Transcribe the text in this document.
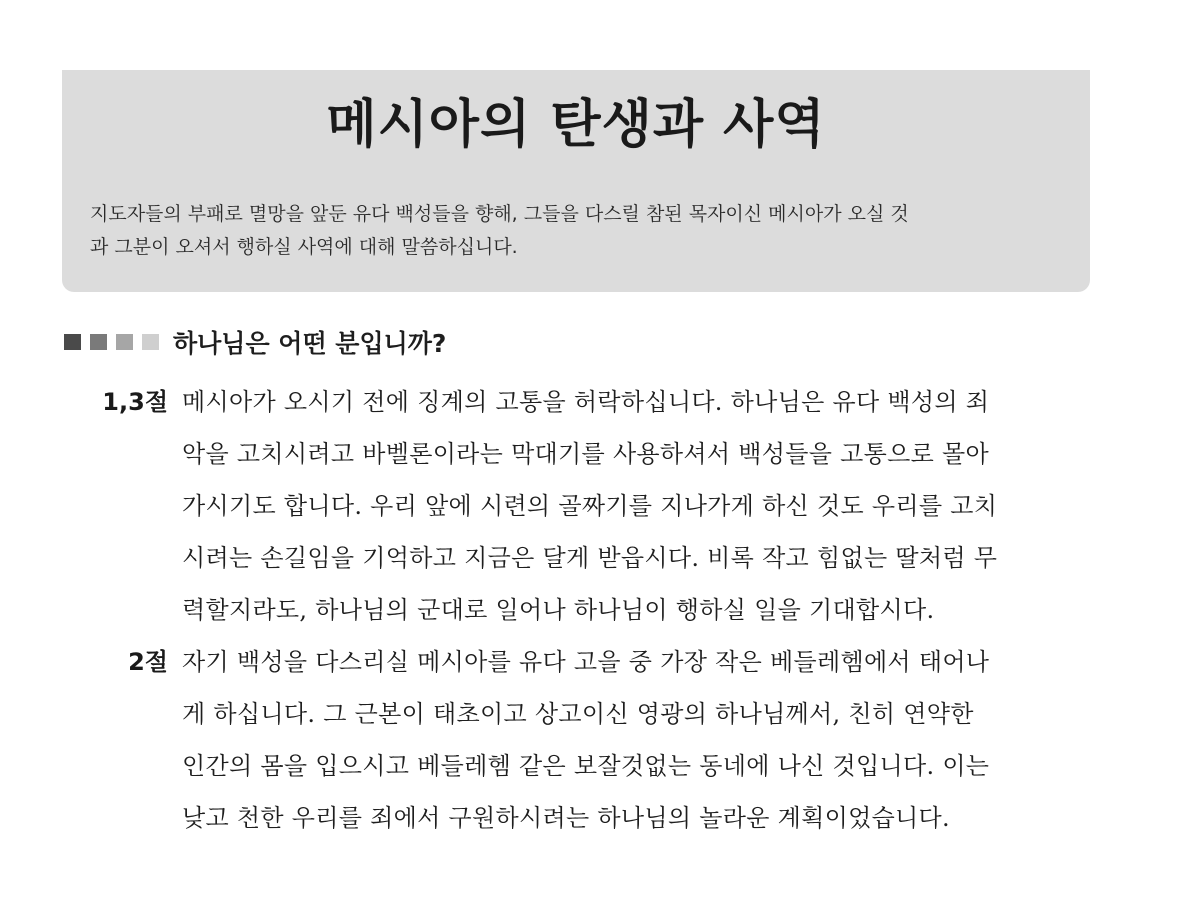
메시아의 탄생과 사역
지도자들의 부패로 멸망을 앞둔 유다 백성들을 향해, 그들을 다스릴 참된 목자이신 메시아가 오실 것
과 그분이 오셔서 행하실 사역에 대해 말씀하십니다.
하나님은 어떤 분입니까?
1,3절 메시아가 오시기 전에 징계의 고통을 허락하십니다. 하나님은 유다 백성의 죄
악을 고치시려고 바벨론이라는 막대기를 사용하셔서 백성들을 고통으로 몰아
가시기도 합니다. 우리 앞에 시련의 골짜기를 지나가게 하신 것도 우리를 고치
시려는 손길임을 기억하고 지금은 달게 받읍시다. 비록 작고 힘없는 딸처럼 무
력할지라도, 하나님의 군대로 일어나 하나님이 행하실 일을 기대합시다.
2절 자기 백성을 다스리실 메시아를 유다 고을 중 가장 작은 베들레헴에서 태어나
게 하십니다. 그 근본이 태초이고 상고이신 영광의 하나님께서, 친히 연약한
인간의 몸을 입으시고 베들레헴 같은 보잘것없는 동네에 나신 것입니다. 이는
낮고 천한 우리를 죄에서 구원하시려는 하나님의 놀라운 계획이었습니다.
